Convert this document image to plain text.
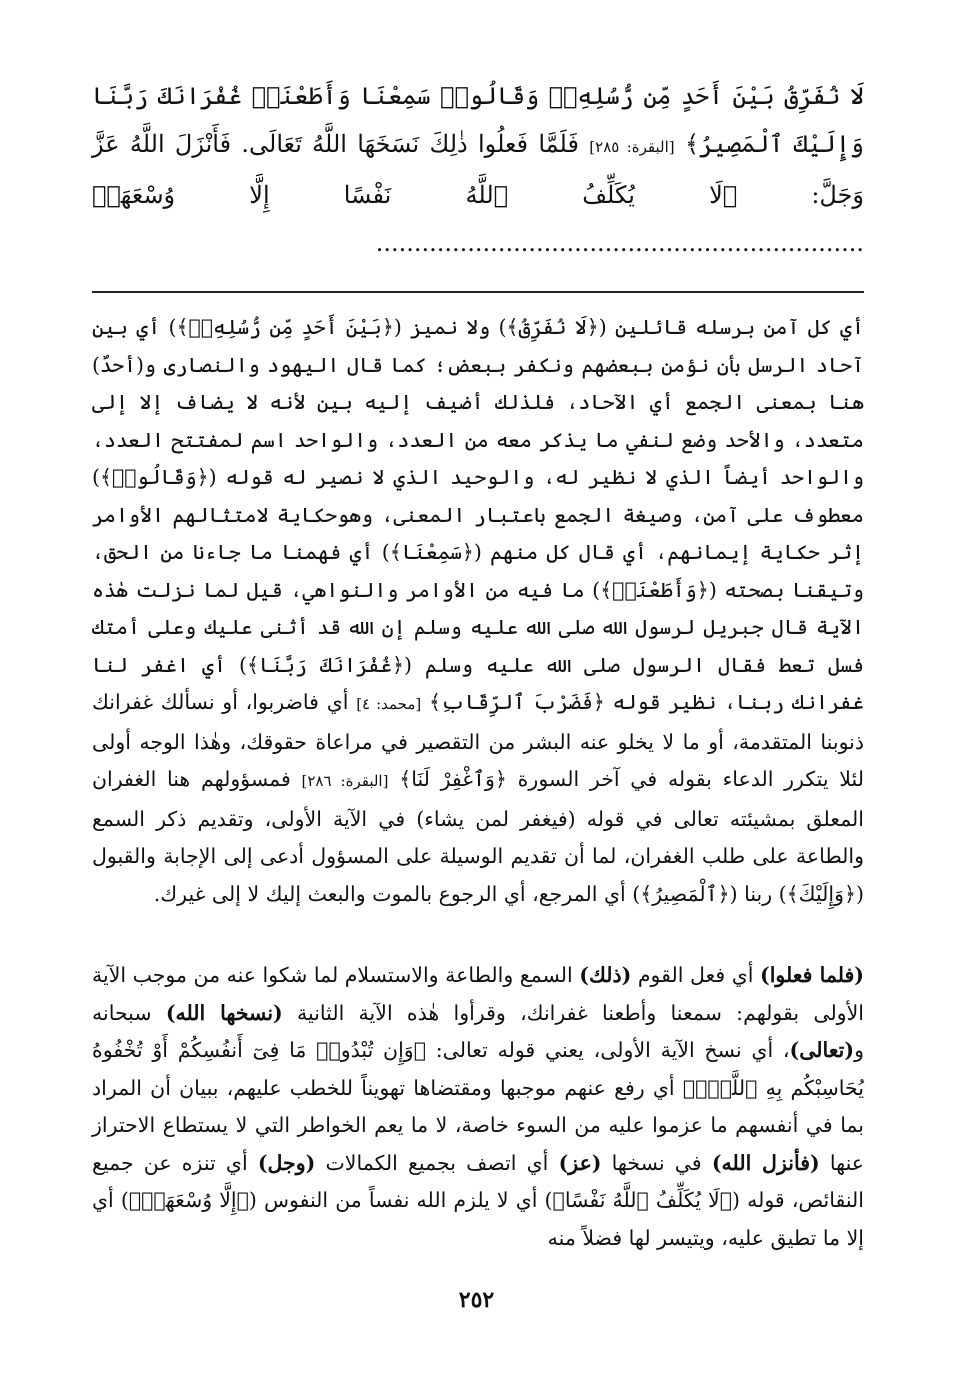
لَا نُفَرِّقُ بَيْنَ أَحَدٍ مِّن رُّسُلِهِۦۚ وَقَالُوا۟ سَمِعْنَا وَأَطَعْنَاۖ غُفْرَانَكَ رَبَّنَا وَإِلَيْكَ ٱلْمَصِيرُ﴾ [البقرة: ٢٨٥] فَلَمَّا فَعلُوا ذٰلِكَ نَسَخَهَا اللَّهُ تَعَالَى. فَأَنْزَلَ اللَّهُ عَزَّ وَجَلَّ: ﴿لَا يُكَلِّفُ ٱللَّهُ نَفْسًا إِلَّا وُسْعَهَاۚ ................................................................

أي كل آمن برسله قائلين (﴿لَا نُفَرِّقُ﴾) ولا نميز (﴿بَيْنَ أَحَدٍ مِّن رُّسُلِهِۦۚ﴾) أي بين آحاد الرسل بأن نؤمن ببعضهم ونكفر ببعض؛ كما قال اليهود والنصارى و(أحدٌ) هنا بمعنى الجمع أي الآحاد، فلذلك أضيف إليه بين لأنه لا يضاف إلا إلى متعدد، والأحد وضع لنفي ما يذكر معه من العدد، والواحد اسم لمفتتح العدد، والواحد أيضاً الذي لا نظير له، والوحيد الذي لا نصير له قوله (﴿وَقَالُوا۟﴾) معطوف على آمن، وصيغة الجمع باعتبار المعنى، وهوحكاية لامتثالهم الأوامر إثر حكاية إيمانهم، أي قال كل منهم (﴿سَمِعْنَا﴾) أي فهمنا ما جاءنا من الحق، وتيقنا بصحته (﴿وَأَطَعْنَاۖ﴾) ما فيه من الأوامر والنواهي، قيل لما نزلت هٰذه الآية قال جبريل لرسول الله صلى الله عليه وسلم إن الله قد أثنى عليك وعلى أمتك فسل تعط فقال الرسول صلى الله عليه وسلم (﴿غُفْرَانَكَ رَبَّنَا﴾) أي اغفر لنا غفرانك ربنا، نظير قوله ﴿فَضَرْبَ ٱلرِّقَابِ﴾ [محمد: ٤] أي فاضربوا، أو نسألك غفرانك ذنوبنا المتقدمة، أو ما لا يخلو عنه البشر من التقصير في مراعاة حقوقك، وهٰذا الوجه أولى لئلا يتكرر الدعاء بقوله في آخر السورة ﴿وَٱغْفِرْ لَنَا﴾ [البقرة: ٢٨٦] فمسؤولهم هنا الغفران المعلق بمشيئته تعالى في قوله (فيغفر لمن يشاء) في الآية الأولى، وتقديم ذكر السمع والطاعة على طلب الغفران، لما أن تقديم الوسيلة على المسؤول أدعى إلى الإجابة والقبول (﴿وَإِلَيْكَ﴾) ربنا (﴿ٱلْمَصِيرُ﴾) أي المرجع، أي الرجوع بالموت والبعث إليك لا إلى غيرك.

(فلما فعلوا) أي فعل القوم (ذلك) السمع والطاعة والاستسلام لما شكوا عنه من موجب الآية الأولى بقولهم: سمعنا وأطعنا غفرانك، وقرأوا هٰذه الآية الثانية (نسخها الله) سبحانه و(تعالى)، أي نسخ الآية الأولى، يعني قوله تعالى: ﴿وَإِن تُبْدُوا۟ مَا فِىٓ أَنفُسِكُمْ أَوْ تُخْفُوهُ يُحَاسِبْكُم بِهِ ٱللَّهُۖ﴾ أي رفع عنهم موجبها ومقتضاها تهويناً للخطب عليهم، ببيان أن المراد بما في أنفسهم ما عزموا عليه من السوء خاصة، لا ما يعم الخواطر التي لا يستطاع الاحتراز عنها (فأنزل الله) في نسخها (عز) أي اتصف بجميع الكمالات (وجل) أي تنزه عن جميع النقائص، قوله (﴿لَا يُكَلِّفُ ٱللَّهُ نَفْسًا﴾) أي لا يلزم الله نفساً من النفوس (﴿إِلَّا وُسْعَهَاۚ﴾) أي إلا ما تطيق عليه، ويتيسر لها فضلاً منه

٢٥٢
